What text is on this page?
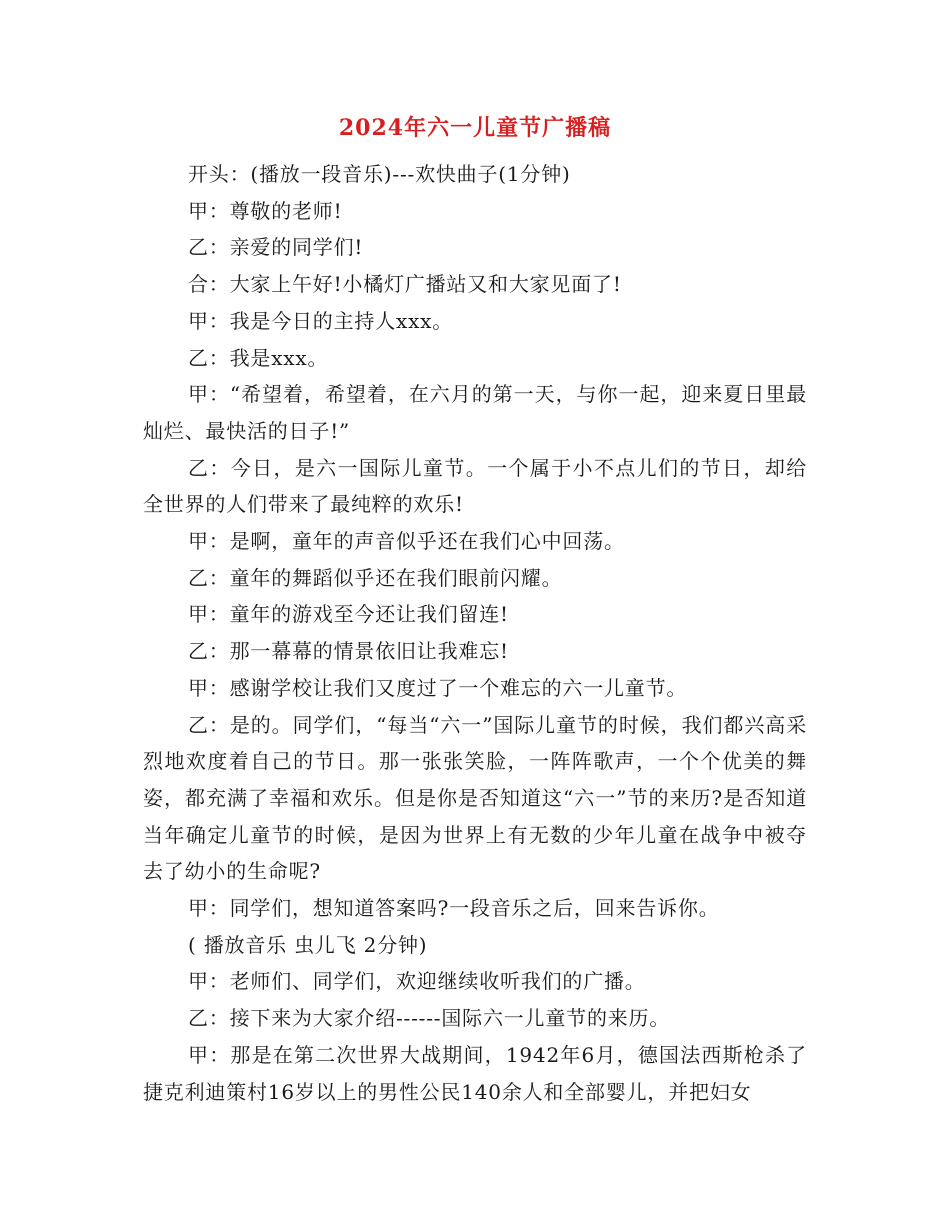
2024年六一儿童节广播稿

开头：(播放一段音乐)---欢快曲子(1分钟)

甲：尊敬的老师!

乙：亲爱的同学们!

合：大家上午好!小橘灯广播站又和大家见面了!

甲：我是今日的主持人xxx。

乙：我是xxx。

甲：“希望着，希望着，在六月的第一天，与你一起，迎来夏日里最灿烂、最快活的日子!”

乙：今日，是六一国际儿童节。一个属于小不点儿们的节日，却给全世界的人们带来了最纯粹的欢乐!

甲：是啊，童年的声音似乎还在我们心中回荡。

乙：童年的舞蹈似乎还在我们眼前闪耀。

甲：童年的游戏至今还让我们留连!

乙：那一幕幕的情景依旧让我难忘!

甲：感谢学校让我们又度过了一个难忘的六一儿童节。

乙：是的。同学们，“每当“六一”国际儿童节的时候，我们都兴高采烈地欢度着自己的节日。那一张张笑脸，一阵阵歌声，一个个优美的舞姿，都充满了幸福和欢乐。但是你是否知道这“六一”节的来历?是否知道当年确定儿童节的时候，是因为世界上有无数的少年儿童在战争中被夺去了幼小的生命呢?

甲：同学们，想知道答案吗?一段音乐之后，回来告诉你。

( 播放音乐 虫儿飞 2分钟)

甲：老师们、同学们，欢迎继续收听我们的广播。

乙：接下来为大家介绍------国际六一儿童节的来历。

甲：那是在第二次世界大战期间，1942年6月，德国法西斯枪杀了捷克利迪策村16岁以上的男性公民140余人和全部婴儿，并把妇女
